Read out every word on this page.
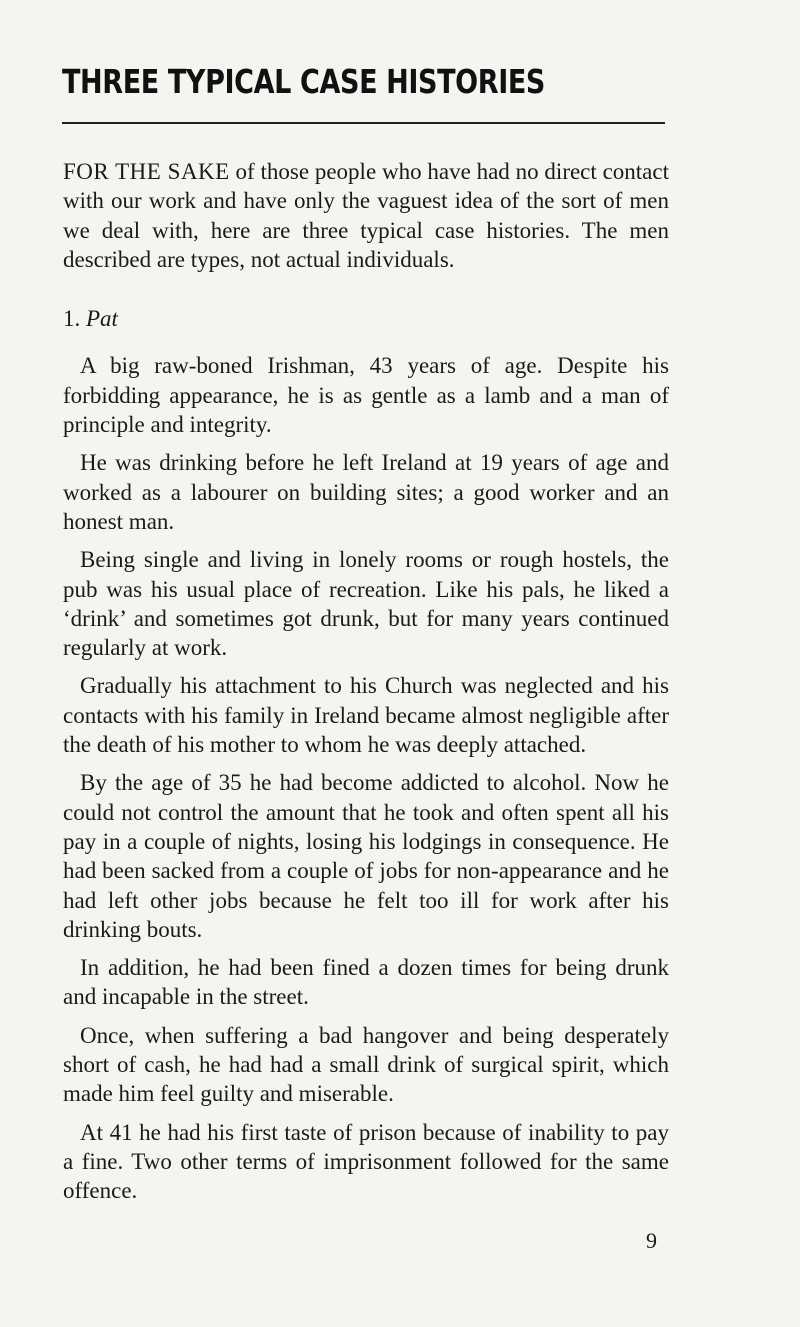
THREE TYPICAL CASE HISTORIES

FOR THE SAKE of those people who have had no direct contact with our work and have only the vaguest idea of the sort of men we deal with, here are three typical case histories. The men described are types, not actual individuals.

1. Pat

A big raw-boned Irishman, 43 years of age. Despite his forbidding appearance, he is as gentle as a lamb and a man of principle and integrity.

He was drinking before he left Ireland at 19 years of age and worked as a labourer on building sites; a good worker and an honest man.

Being single and living in lonely rooms or rough hostels, the pub was his usual place of recreation. Like his pals, he liked a ‘drink’ and sometimes got drunk, but for many years continued regularly at work.

Gradually his attachment to his Church was neglected and his contacts with his family in Ireland became almost negligible after the death of his mother to whom he was deeply attached.

By the age of 35 he had become addicted to alcohol. Now he could not control the amount that he took and often spent all his pay in a couple of nights, losing his lodgings in consequence. He had been sacked from a couple of jobs for non-appearance and he had left other jobs because he felt too ill for work after his drinking bouts.

In addition, he had been fined a dozen times for being drunk and incapable in the street.

Once, when suffering a bad hangover and being desperately short of cash, he had had a small drink of surgical spirit, which made him feel guilty and miserable.

At 41 he had his first taste of prison because of inability to pay a fine. Two other terms of imprisonment followed for the same offence.

9
